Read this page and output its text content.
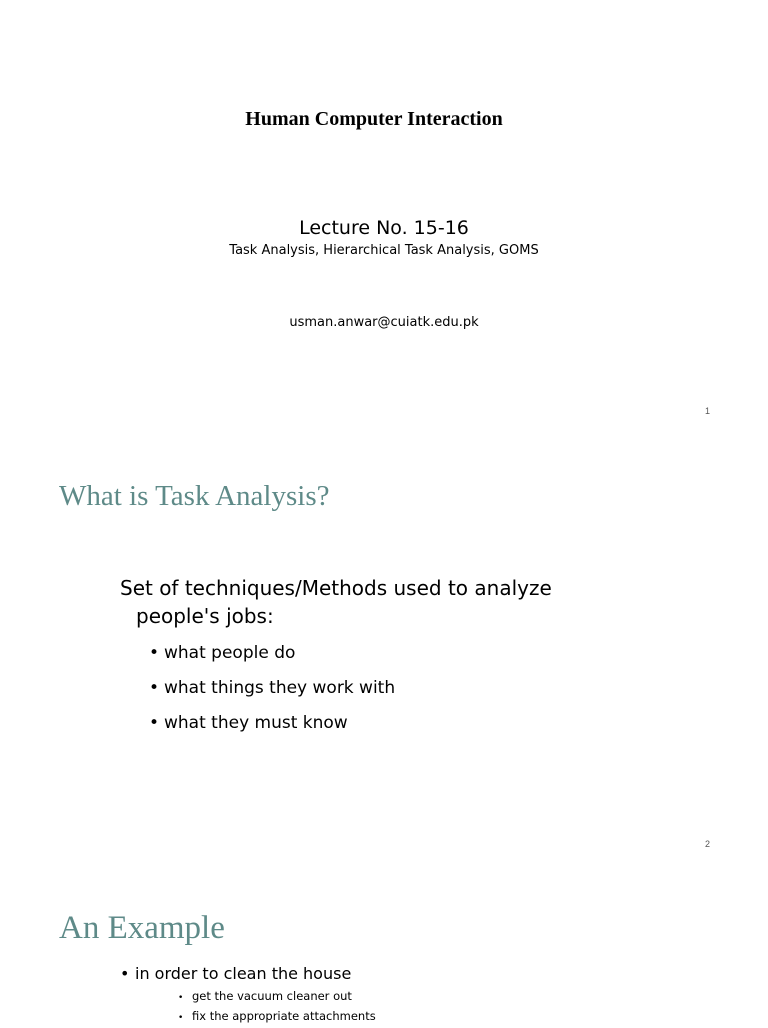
Human Computer Interaction
Lecture No. 15-16
Task Analysis, Hierarchical Task Analysis, GOMS
usman.anwar@cuiatk.edu.pk
1
What is Task Analysis?
Set of techniques/Methods used to analyze
people's jobs:
• what people do
• what things they work with
• what they must know
2
An Example
• in order to clean the house
• get the vacuum cleaner out
• fix the appropriate attachments
